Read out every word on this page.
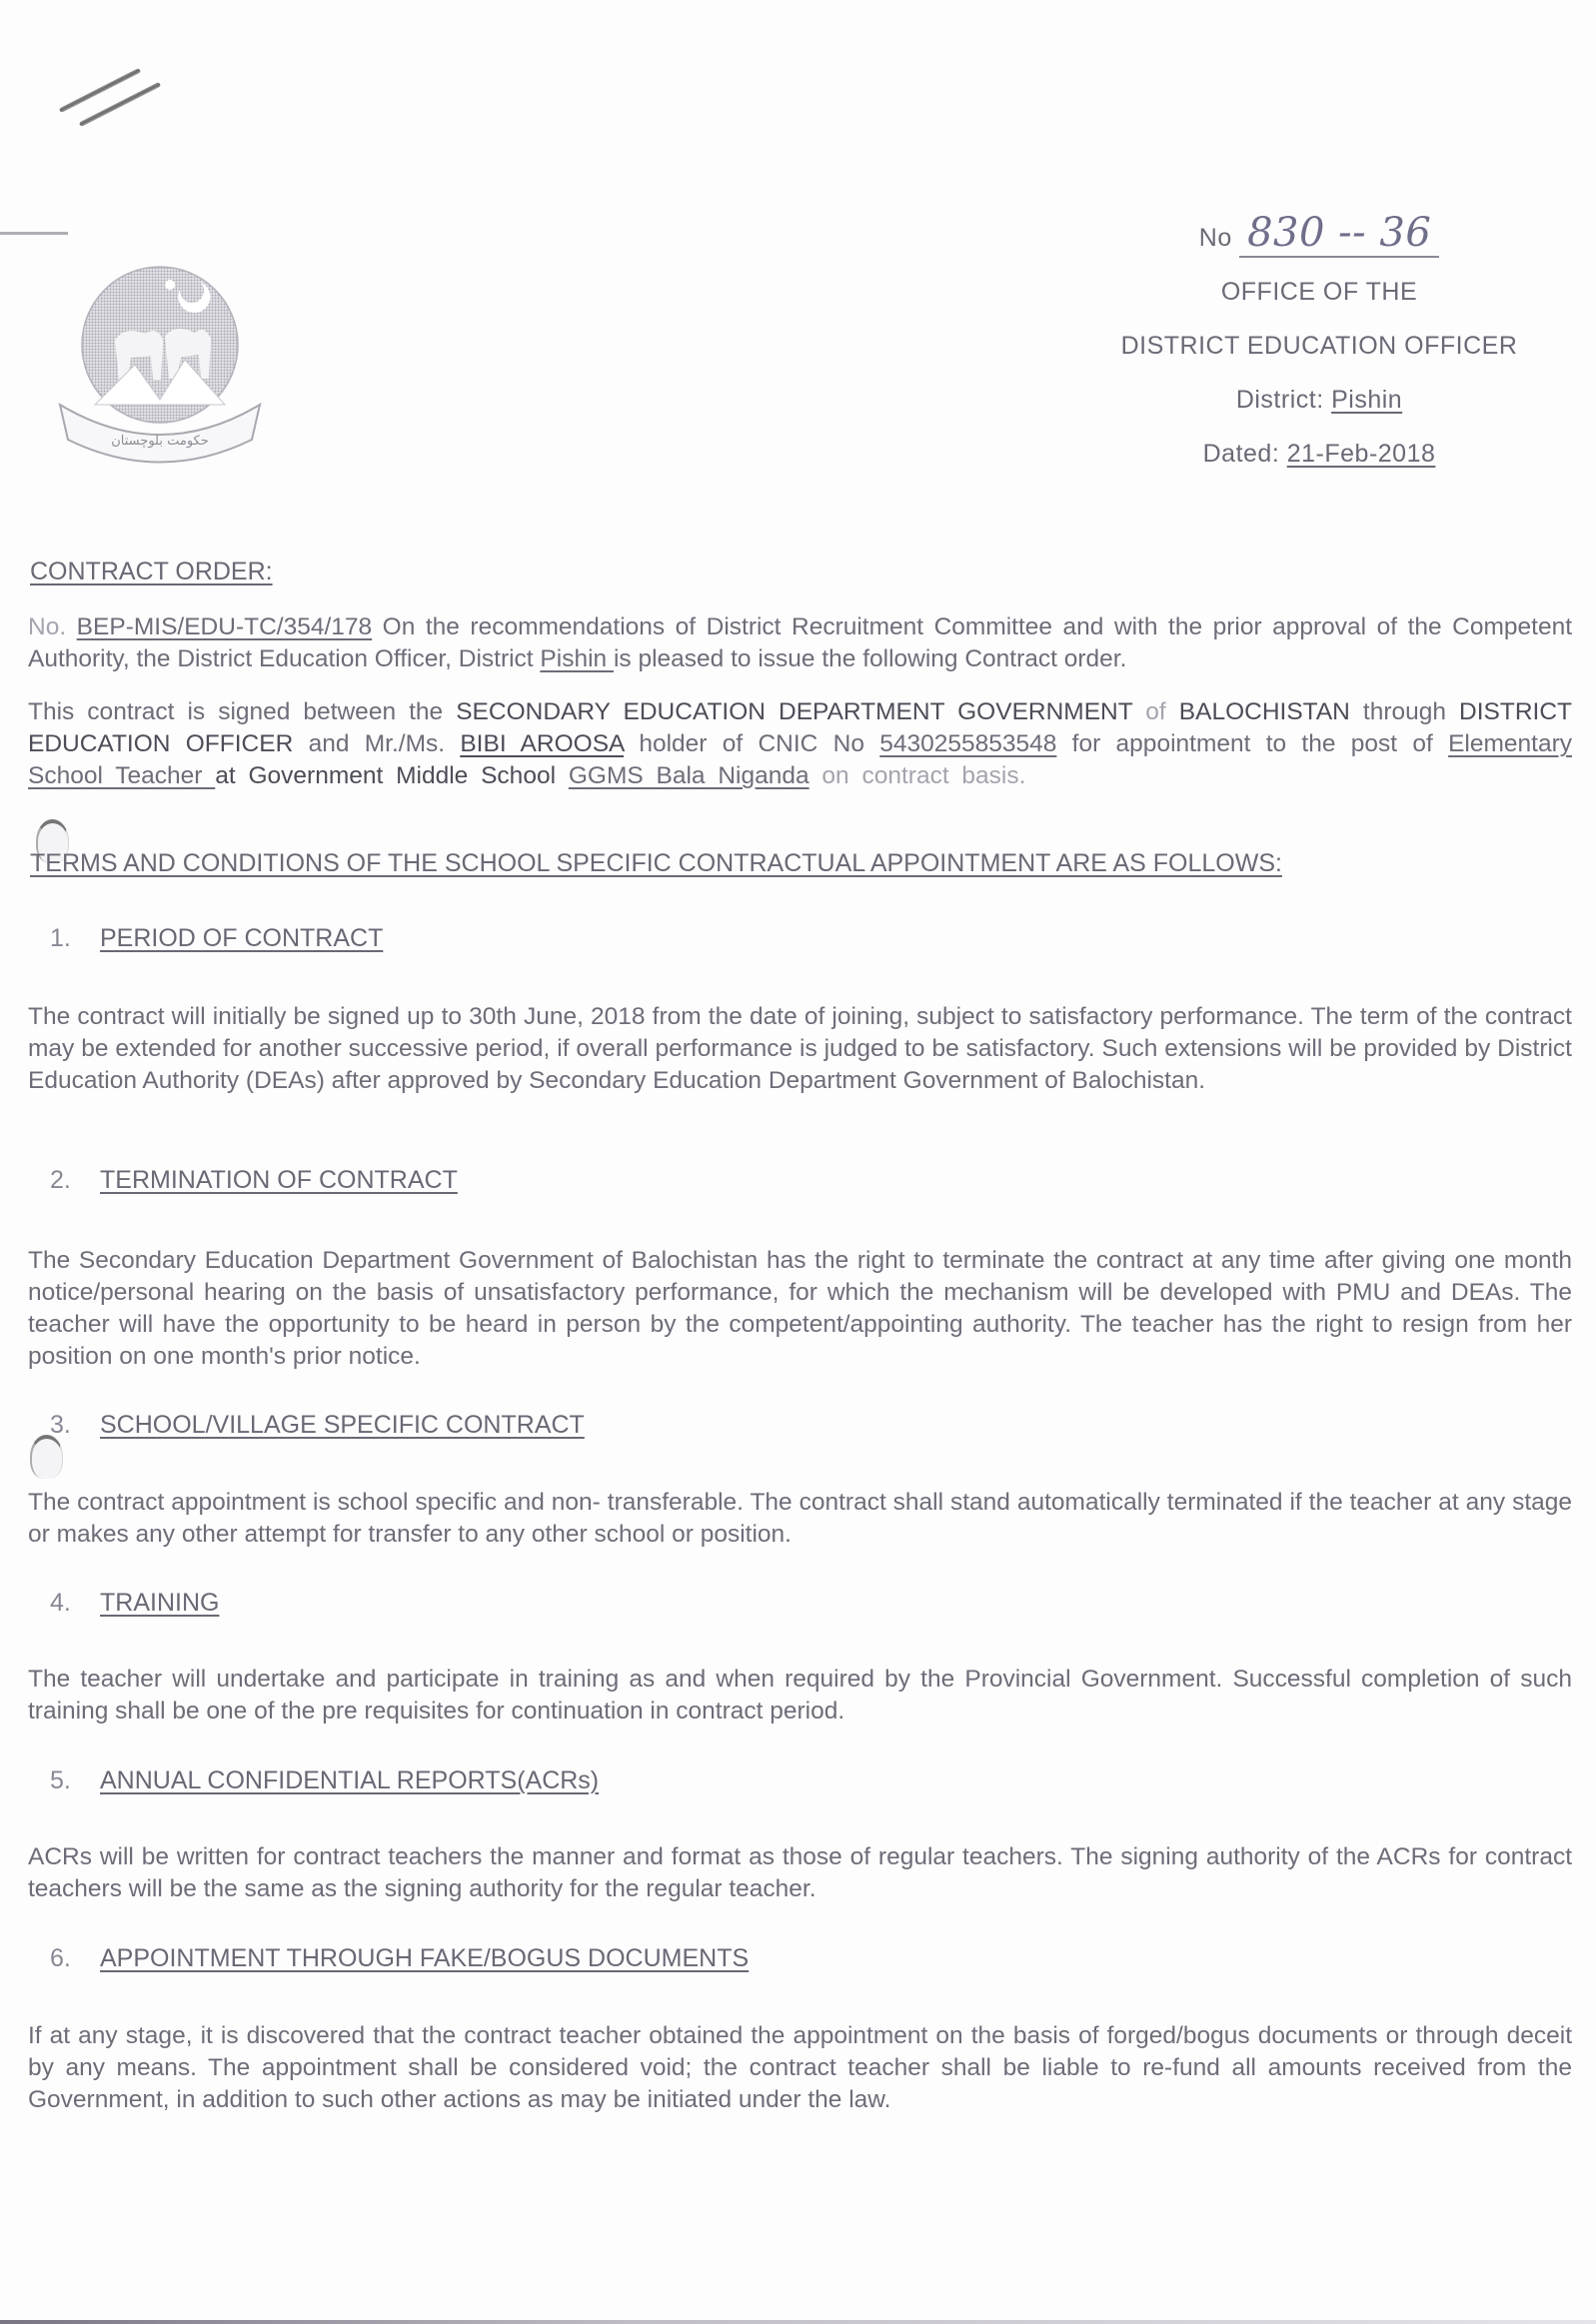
حکومت بلوچستان
No 830 -- 36
OFFICE OF THE
DISTRICT EDUCATION OFFICER
District: Pishin
Dated: 21-Feb-2018
CONTRACT ORDER:
No. BEP-MIS/EDU-TC/354/178 On the recommendations of District Recruitment Committee and with the prior approval of the Competent Authority, the District Education Officer, District Pishin is pleased to issue the following Contract order.
This contract is signed between the SECONDARY EDUCATION DEPARTMENT GOVERNMENT of BALOCHISTAN through DISTRICT EDUCATION OFFICER and Mr./Ms. BIBI AROOSA holder of CNIC No 5430255853548 for appointment to the post of Elementary School Teacher at Government Middle School GGMS Bala Niganda on contract basis.
TERMS AND CONDITIONS OF THE SCHOOL SPECIFIC CONTRACTUAL APPOINTMENT ARE AS FOLLOWS:
1. PERIOD OF CONTRACT
The contract will initially be signed up to 30th June, 2018 from the date of joining, subject to satisfactory performance. The term of the contract may be extended for another successive period, if overall performance is judged to be satisfactory. Such extensions will be provided by District Education Authority (DEAs) after approved by Secondary Education Department Government of Balochistan.
2. TERMINATION OF CONTRACT
The Secondary Education Department Government of Balochistan has the right to terminate the contract at any time after giving one month notice/personal hearing on the basis of unsatisfactory performance, for which the mechanism will be developed with PMU and DEAs. The teacher will have the opportunity to be heard in person by the competent/appointing authority. The teacher has the right to resign from her position on one month's prior notice.
3. SCHOOL/VILLAGE SPECIFIC CONTRACT
The contract appointment is school specific and non- transferable. The contract shall stand automatically terminated if the teacher at any stage or makes any other attempt for transfer to any other school or position.
4. TRAINING
The teacher will undertake and participate in training as and when required by the Provincial Government. Successful completion of such training shall be one of the pre requisites for continuation in contract period.
5. ANNUAL CONFIDENTIAL REPORTS(ACRs)
ACRs will be written for contract teachers the manner and format as those of regular teachers. The signing authority of the ACRs for contract teachers will be the same as the signing authority for the regular teacher.
6. APPOINTMENT THROUGH FAKE/BOGUS DOCUMENTS
If at any stage, it is discovered that the contract teacher obtained the appointment on the basis of forged/bogus documents or through deceit by any means. The appointment shall be considered void; the contract teacher shall be liable to re-fund all amounts received from the Government, in addition to such other actions as may be initiated under the law.
